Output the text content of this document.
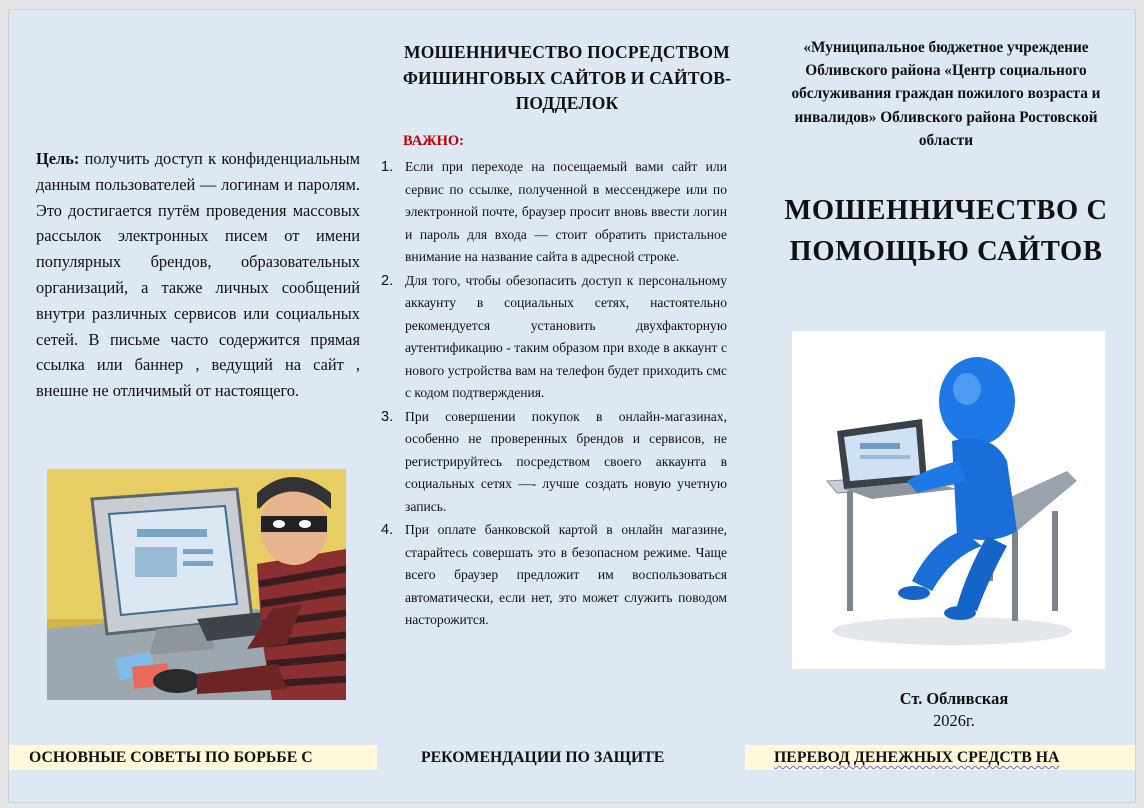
Цель: получить доступ к конфиденциальным данным пользователей — логинам и паролям. Это достигается путём проведения массовых рассылок электронных писем от имени популярных брендов, образовательных организаций, а также личных сообщений внутри различных сервисов или социальных сетей. В письме часто содержится прямая ссылка или баннер , ведущий на сайт , внешне не отличимый от настоящего.
МОШЕННИЧЕСТВО ПОСРЕДСТВОМ ФИШИНГОВЫХ САЙТОВ И САЙТОВ-ПОДДЕЛОК
ВАЖНО:
1. Если при переходе на посещаемый вами сайт или сервис по ссылке, полученной в мессенджере или по электронной почте, браузер просит вновь ввести логин и пароль для входа — стоит обратить пристальное внимание на название сайта в адресной строке.
2. Для того, чтобы обезопасить доступ к персональному аккаунту в социальных сетях, настоятельно рекомендуется установить двухфакторную аутентификацию - таким образом при входе в аккаунт с нового устройства вам на телефон будет приходить смс с кодом подтверждения.
3. При совершении покупок в онлайн-магазинах, особенно не проверенных брендов и сервисов, не регистрируйтесь посредством своего аккаунта в социальных сетях —- лучше создать новую учетную запись.
4. При оплате банковской картой в онлайн магазине, старайтесь совершать это в безопасном режиме. Чаще всего браузер предложит им воспользоваться автоматически, если нет, это может служить поводом насторожится.
«Муниципальное бюджетное учреждение Обливского района «Центр социального обслуживания граждан пожилого возраста и инвалидов» Обливского района Ростовской области
МОШЕННИЧЕСТВО С ПОМОЩЬЮ САЙТОВ
Ст. Обливская
2026г.
ОСНОВНЫЕ СОВЕТЫ ПО БОРЬБЕ С	РЕКОМЕНДАЦИИ ПО ЗАЩИТЕ	ПЕРЕВОД ДЕНЕЖНЫХ СРЕДСТВ НА
